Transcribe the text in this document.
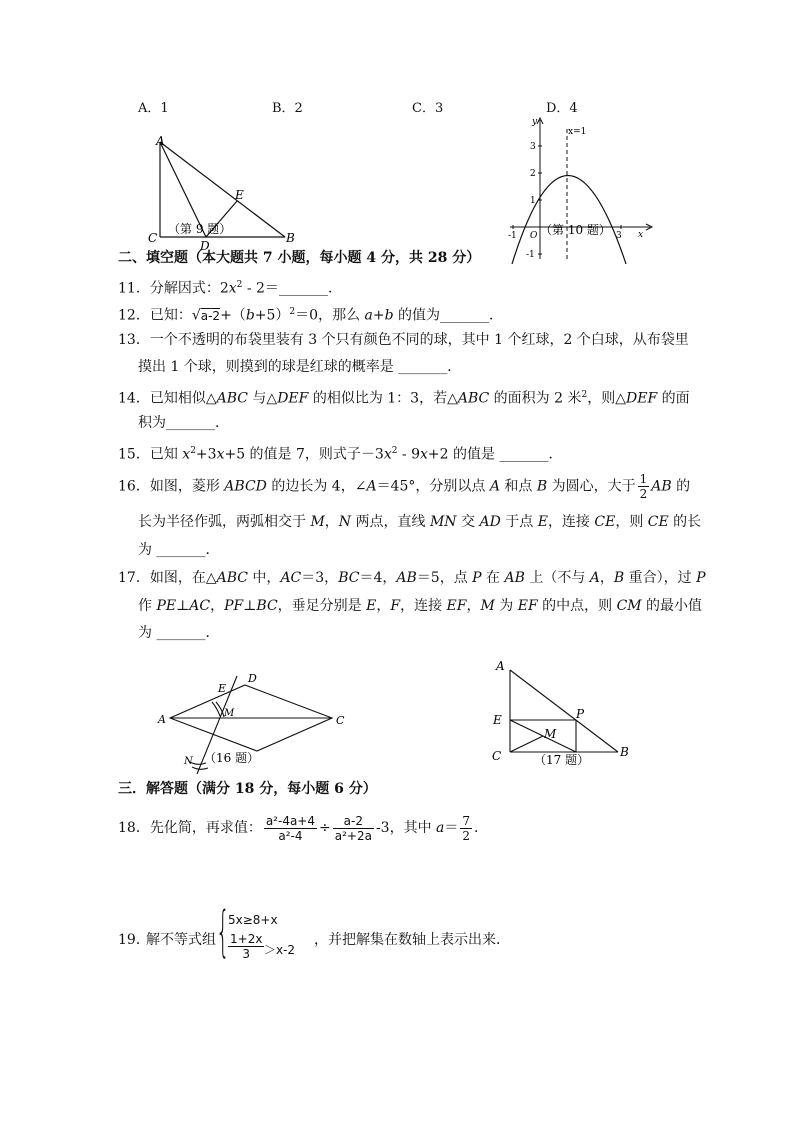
A．1	B．2	C．3	D．4
A
C
D
E
B
（第 9 题）
y
x
O
x=1
3
2
1
-1
-1	3
（第 10 题）
二、填空题（本大题共 7 小题，每小题 4 分，共 28 分）
11．分解因式：$2x^2$ - 2＝_______．
12．已知：$√a-2+(b+5)^2=0$，那么 a+b 的值为_______．
13．一个不透明的布袋里装有 3 个只有颜色不同的球，其中 1 个红球，2 个白球，从布袋里
摸出 1 个球，则摸到的球是红球的概率是 _______．
14．已知相似△ABC 与△DEF 的相似比为 1：3，若△ABC 的面积为 2 米$^2$，则△DEF 的面
积为_______．
15．已知 $x^2+3x+5$ 的值是 7，则式子$-3x^2 - 9x+2$ 的值是 _______．
16．如图，菱形 ABCD 的边长为 4，∠A＝45°，分别以点 A 和点 B 为圆心，大于 $\frac{1}{2}$ AB 的
长为半径作弧，两弧相交于 M，N 两点，直线 MN 交 AD 于点 E，连接 CE，则 CE 的长
为 _______．
17．如图，在△ABC 中，AC＝3，BC＝4，AB＝5，点 P 在 AB 上（不与 A，B 重合），过 P
作 PE⊥AC，PF⊥BC，垂足分别是 E，F，连接 EF，M 为 EF 的中点，则 CM 的最小值
为 _______．
A
D
E
M
C
N （16 题）
A
E	P
M
C	B
（17 题）
三．解答题（满分 18 分，每小题 6 分）
18．先化简，再求值： $\frac{\text{a²-4a+4}}{\text{a²-4}} \div \frac{a-2}{\text{a²+2a}} -3$，其中 $a= \frac{7}{2}$ ．
19．
解不等式组 {
5x≥8+x
$\frac{1+2x}{3} >x-2$
，并把解集在数轴上表示出来．
